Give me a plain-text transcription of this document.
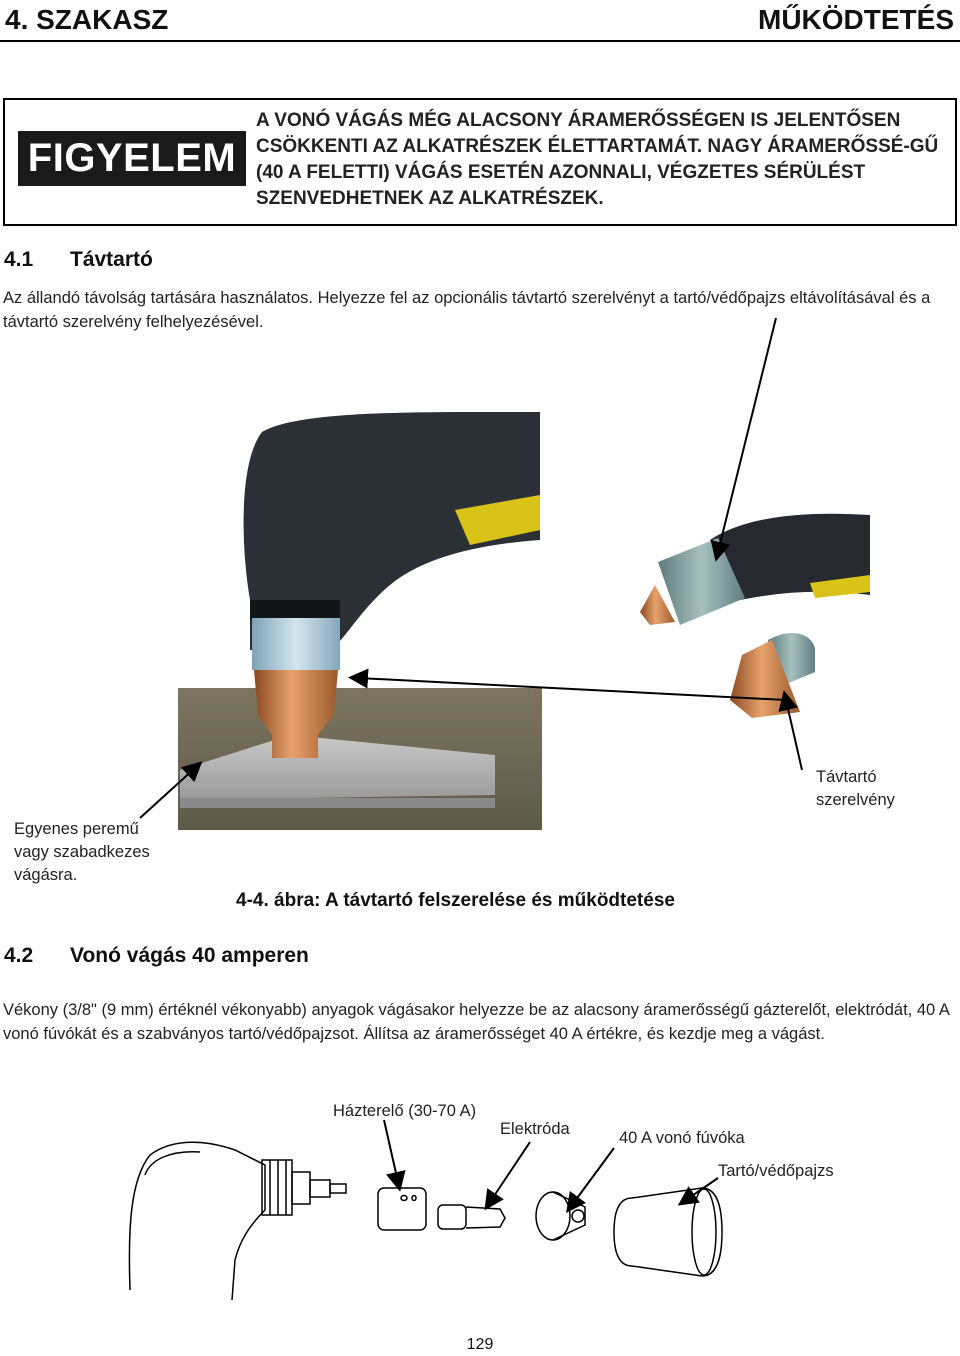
4. SZAKASZ	MŰKÖDTETÉS
FIGYELEM
A VONÓ VÁGÁS MÉG ALACSONY ÁRAMERŐSSÉGEN IS JELENTŐSEN CSÖKKENTI AZ ALKATRÉSZEK ÉLETTARTAMÁT. NAGY ÁRAMERŐSSÉ-GŰ (40 A FELETTI) VÁGÁS ESETÉN AZONNALI, VÉGZETES SÉRÜLÉST SZENVEDHETNEK AZ ALKATRÉSZEK.
4.1 Távtartó
Az állandó távolság tartására használatos. Helyezze fel az opcionális távtartó szerelvényt a tartó/védőpajzs eltávolításával és a távtartó szerelvény felhelyezésével.
Egyenes peremű vagy szabadkezes vágásra.
Távtartó szerelvény
4-4. ábra: A távtartó felszerelése és működtetése
4.2 Vonó vágás 40 amperen
Vékony (3/8" (9 mm) értéknél vékonyabb) anyagok vágásakor helyezze be az alacsony áramerősségű gázterelőt, elektródát, 40 A vonó fúvókát és a szabványos tartó/védőpajzsot. Állítsa az áramerősséget 40 A értékre, és kezdje meg a vágást.
Házterelő (30-70 A)
Elektróda	40 A vonó fúvóka
Tartó/védőpajzs
129
